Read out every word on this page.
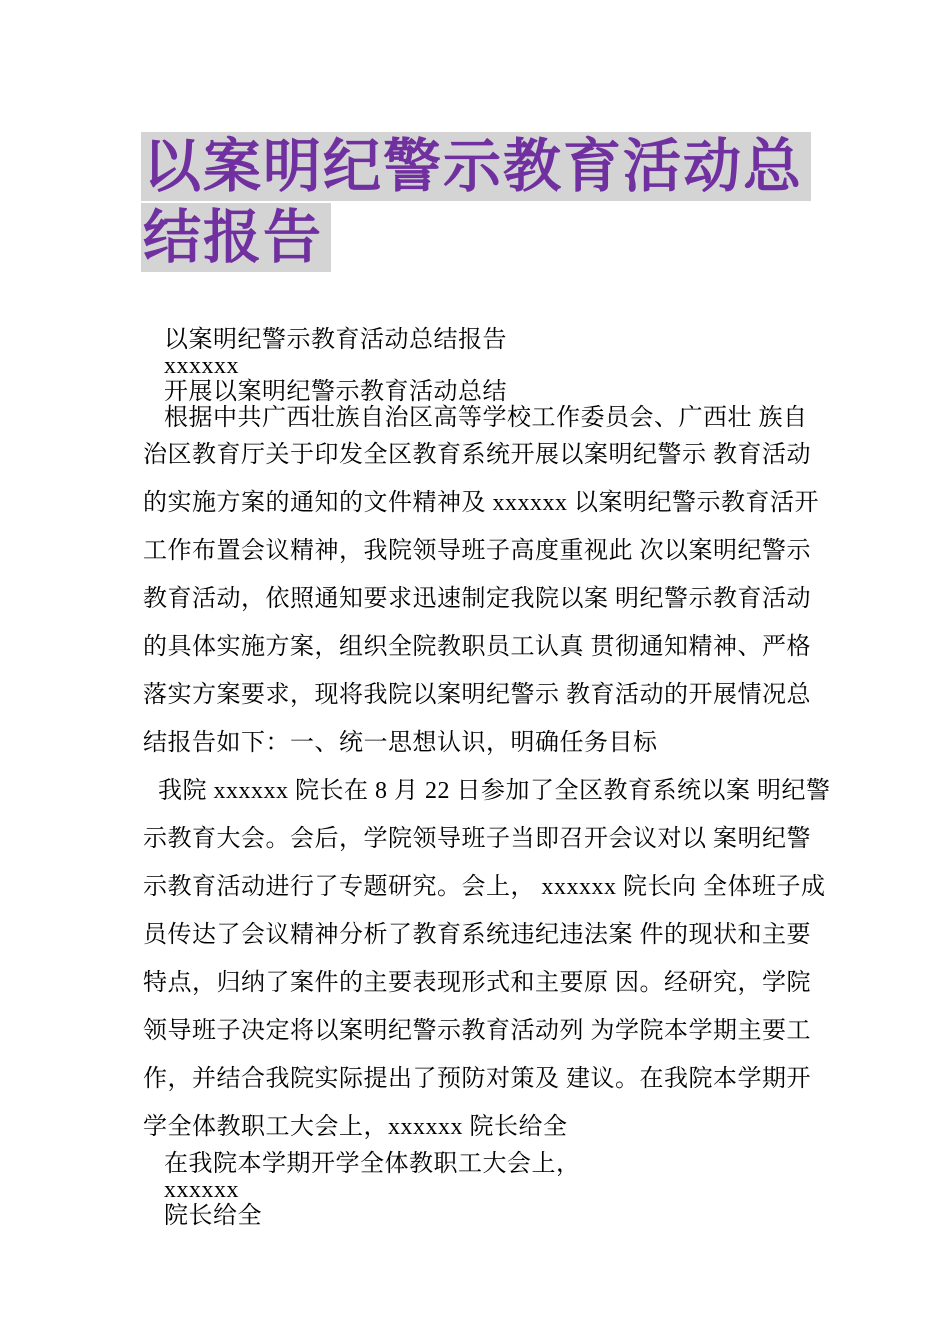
以案明纪警示教育活动总
结报告
以案明纪警示教育活动总结报告
xxxxxx
开展以案明纪警示教育活动总结
根据中共广西壮族自治区高等学校工作委员会、广西壮 族自
治区教育厅关于印发全区教育系统开展以案明纪警示 教育活动
的实施方案的通知的文件精神及 xxxxxx 以案明纪警示教育活开
工作布置会议精神，我院领导班子高度重视此 次以案明纪警示
教育活动，依照通知要求迅速制定我院以案 明纪警示教育活动
的具体实施方案，组织全院教职员工认真 贯彻通知精神、严格
落实方案要求，现将我院以案明纪警示 教育活动的开展情况总
结报告如下：一、统一思想认识，明确任务目标
我院 xxxxxx 院长在 8 月 22 日参加了全区教育系统以案 明纪警
示教育大会。会后，学院领导班子当即召开会议对以 案明纪警
示教育活动进行了专题研究。会上， xxxxxx 院长向 全体班子成
员传达了会议精神分析了教育系统违纪违法案 件的现状和主要
特点，归纳了案件的主要表现形式和主要原 因。经研究，学院
领导班子决定将以案明纪警示教育活动列 为学院本学期主要工
作，并结合我院实际提出了预防对策及 建议。在我院本学期开
学全体教职工大会上，xxxxxx 院长给全
在我院本学期开学全体教职工大会上，
xxxxxx
院长给全
